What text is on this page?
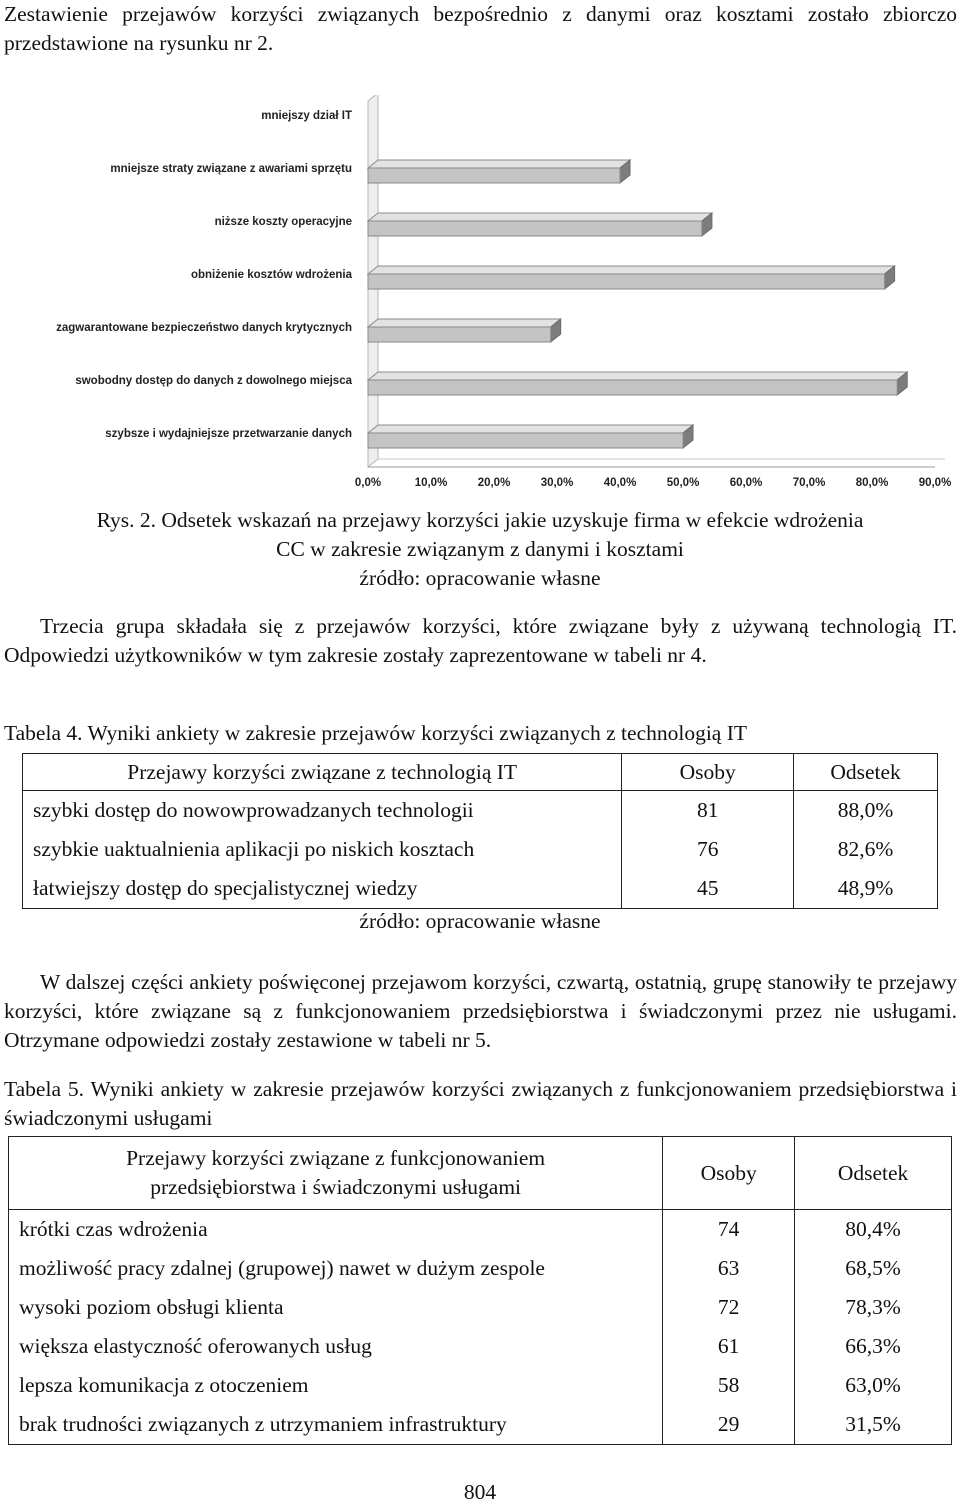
Zestawienie przejawów korzyści związanych bezpośrednio z danymi oraz kosztami zostało zbiorczo przedstawione na rysunku nr 2.

mniejszy dział IT
mniejsze straty związane z awariami sprzętu
niższe koszty operacyjne
obniżenie kosztów wdrożenia
zagwarantowane bezpieczeństwo danych krytycznych
swobodny dostęp do danych z dowolnego miejsca
szybsze i wydajniejsze przetwarzanie danych
0,0%	10,0%	20,0%	30,0%	40,0%	50,0%	60,0%	70,0%	80,0%	90,0%
Rys. 2. Odsetek wskazań na przejawy korzyści jakie uzyskuje firma w efekcie wdrożenia
CC w zakresie związanym z danymi i kosztami
źródło: opracowanie własne

Trzecia grupa składała się z przejawów korzyści, które związane były z używaną technologią IT. Odpowiedzi użytkowników w tym zakresie zostały zaprezentowane w tabeli nr 4.

Tabela 4. Wyniki ankiety w zakresie przejawów korzyści związanych z technologią IT

Przejawy korzyści związane z technologią IT	Osoby	Odsetek
szybki dostęp do nowowprowadzanych technologii	81	88,0%
szybkie uaktualnienia aplikacji po niskich kosztach	76	82,6%
łatwiejszy dostęp do specjalistycznej wiedzy	45	48,9%

źródło: opracowanie własne

W dalszej części ankiety poświęconej przejawom korzyści, czwartą, ostatnią, grupę stanowiły te przejawy korzyści, które związane są z funkcjonowaniem przedsiębiorstwa i świadczonymi przez nie usługami. Otrzymane odpowiedzi zostały zestawione w tabeli nr 5.

Tabela 5. Wyniki ankiety w zakresie przejawów korzyści związanych z funkcjonowaniem przedsiębiorstwa i świadczonymi usługami

Przejawy korzyści związane z funkcjonowaniem
przedsiębiorstwa i świadczonymi usługami	Osoby	Odsetek
krótki czas wdrożenia	74	80,4%
możliwość pracy zdalnej (grupowej) nawet w dużym zespole	63	68,5%
wysoki poziom obsługi klienta	72	78,3%
większa elastyczność oferowanych usług	61	66,3%
lepsza komunikacja z otoczeniem	58	63,0%
brak trudności związanych z utrzymaniem infrastruktury	29	31,5%
804
